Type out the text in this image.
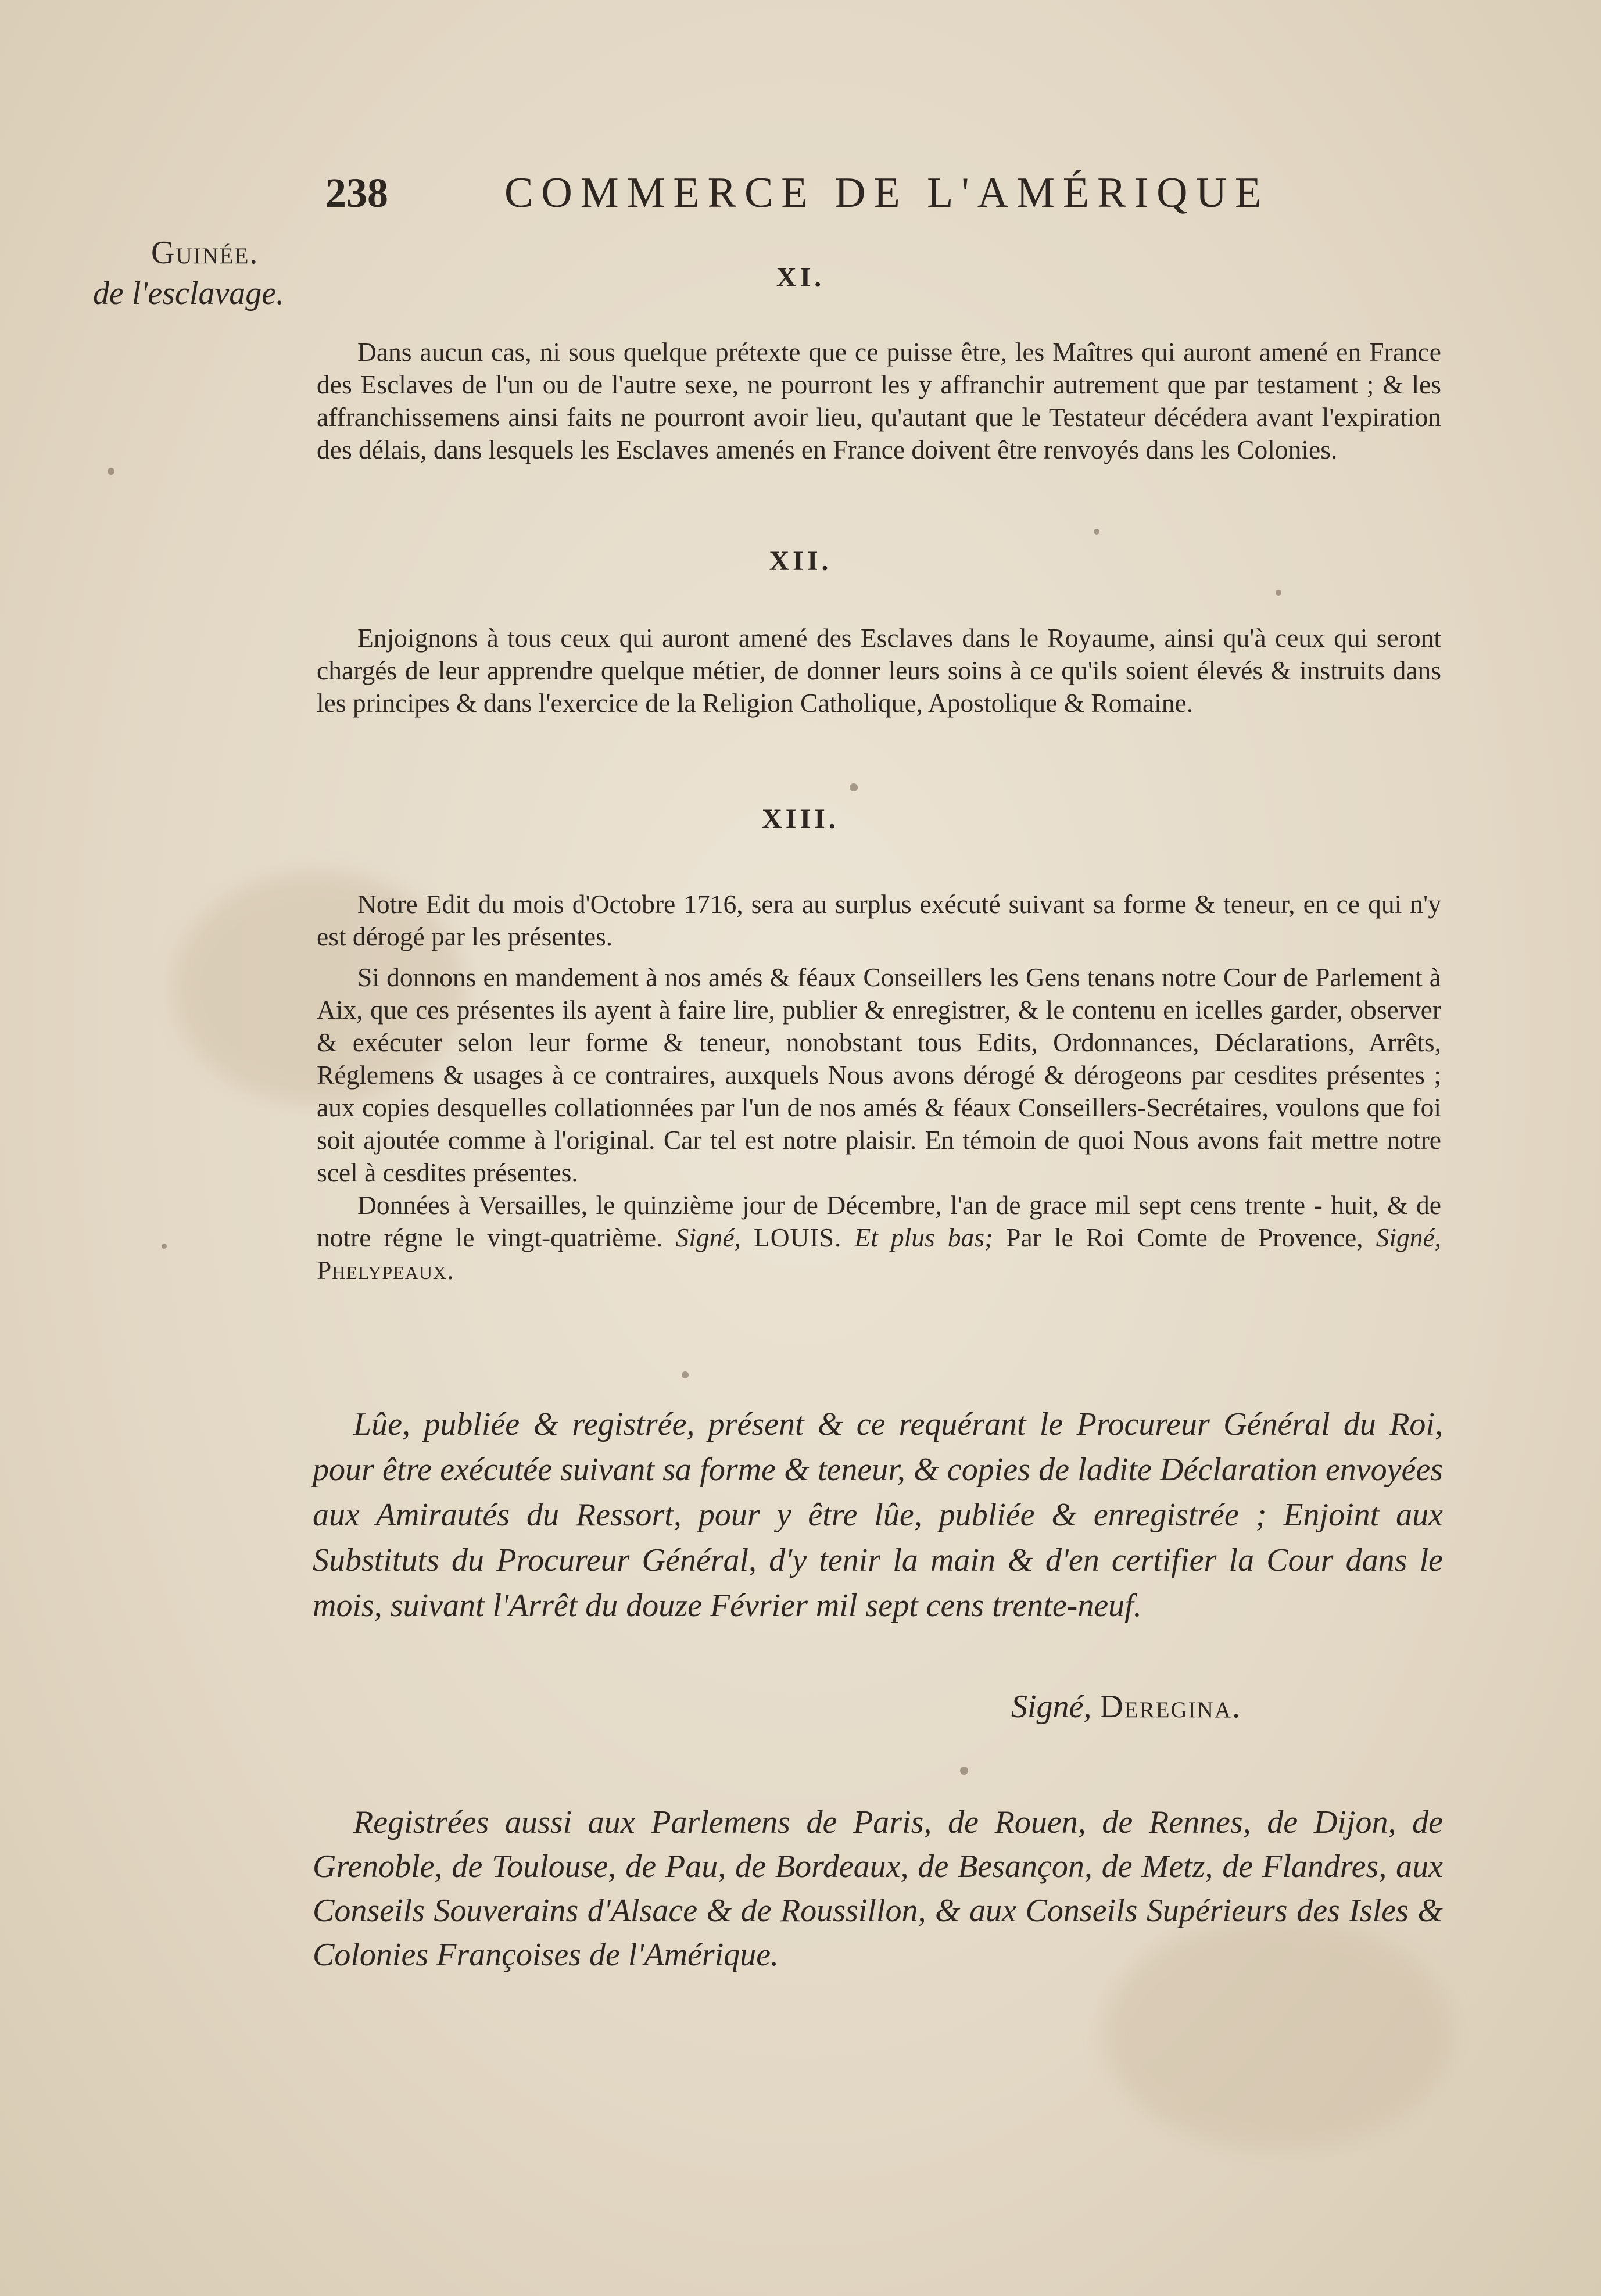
238	COMMERCE DE L'AMÉRIQUE
Guinée.
de l'esclavage.	XI.

Dans aucun cas, ni sous quelque prétexte que ce puisse être, les Maîtres qui auront amené en France des Esclaves de l'un ou de l'autre sexe, ne pourront les y affranchir autrement que par testament ; & les affranchissemens ainsi faits ne pourront avoir lieu, qu'autant que le Testateur décédera avant l'expiration des délais, dans lesquels les Esclaves amenés en France doivent être renvoyés dans les Colonies.

XII.

Enjoignons à tous ceux qui auront amené des Esclaves dans le Royaume, ainsi qu'à ceux qui seront chargés de leur apprendre quelque métier, de donner leurs soins à ce qu'ils soient élevés & instruits dans les principes & dans l'exercice de la Religion Catholique, Apostolique & Romaine.

XIII.

Notre Edit du mois d'Octobre 1716, sera au surplus exécuté suivant sa forme & teneur, en ce qui n'y est dérogé par les présentes.

Si donnons en mandement à nos amés & féaux Conseillers les Gens tenans notre Cour de Parlement à Aix, que ces présentes ils ayent à faire lire, publier & enregistrer, & le contenu en icelles garder, observer & exécuter selon leur forme & teneur, nonobstant tous Edits, Ordonnances, Déclarations, Arrêts, Réglemens & usages à ce contraires, auxquels Nous avons dérogé & dérogeons par cesdites présentes ; aux copies desquelles collationnées par l'un de nos amés & féaux Conseillers-Secrétaires, voulons que foi soit ajoutée comme à l'original. Car tel est notre plaisir. En témoin de quoi Nous avons fait mettre notre scel à cesdites présentes.

Données à Versailles, le quinzième jour de Décembre, l'an de grace mil sept cens trente - huit, & de notre régne le vingt-quatrième. Signé, LOUIS. Et plus bas; Par le Roi Comte de Provence, Signé, Phelypeaux.

Lûe, publiée & registrée, présent & ce requérant le Procureur Général du Roi, pour être exécutée suivant sa forme & teneur, & copies de ladite Déclaration envoyées aux Amirautés du Ressort, pour y être lûe, publiée & enregistrée ; Enjoint aux Substituts du Procureur Général, d'y tenir la main & d'en certifier la Cour dans le mois, suivant l'Arrêt du douze Février mil sept cens trente-neuf.
Signé, Deregina.
Registrées aussi aux Parlemens de Paris, de Rouen, de Rennes, de Dijon, de Grenoble, de Toulouse, de Pau, de Bordeaux, de Besançon, de Metz, de Flandres, aux Conseils Souverains d'Alsace & de Roussillon, & aux Conseils Supérieurs des Isles & Colonies Françoises de l'Amérique.
